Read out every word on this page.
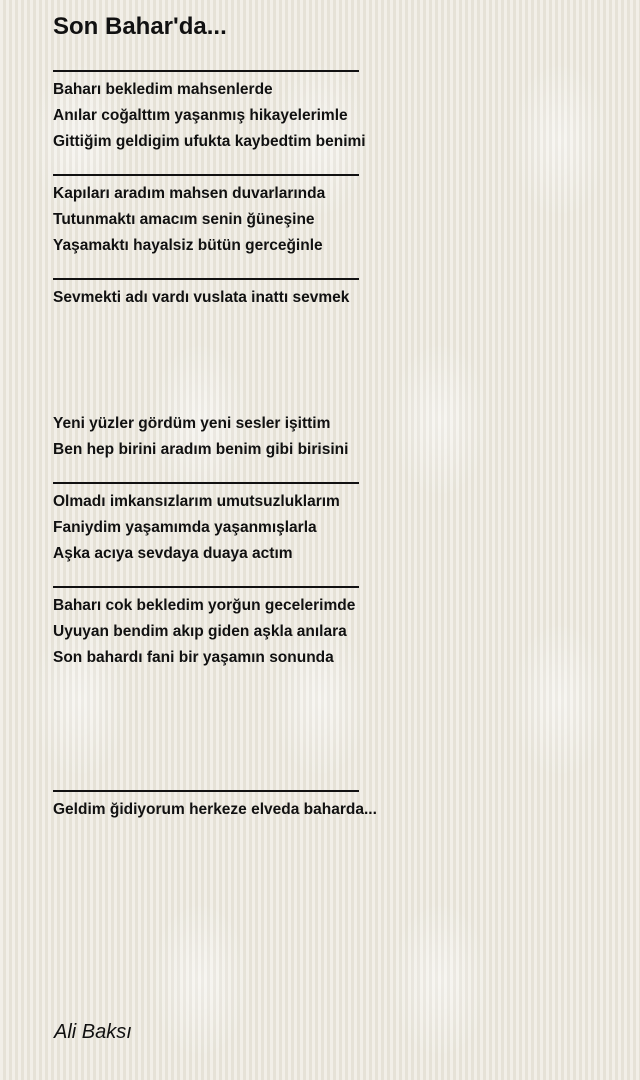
Son Bahar'da...
Baharı bekledim mahsenlerde
Anılar coğalttım yaşanmış hikayelerimle
Gittiğim geldigim ufukta kaybedtim benimi
Kapıları aradım mahsen duvarlarında
Tutunmaktı amacım senin ğüneşine
Yaşamaktı hayalsiz bütün gerceğinle
Sevmekti adı vardı vuslata inattı sevmek
Yeni yüzler gördüm yeni sesler işittim
Ben hep birini aradım benim gibi birisini
Olmadı imkansızlarım umutsuzluklarım
Faniydim yaşamımda yaşanmışlarla
Aşka acıya sevdaya duaya actım
Baharı cok bekledim yorğun gecelerimde
Uyuyan bendim akıp giden aşkla anılara
Son bahardı fani bir yaşamın sonunda
Geldim ğidiyorum herkeze elveda baharda...
Ali Baksı
